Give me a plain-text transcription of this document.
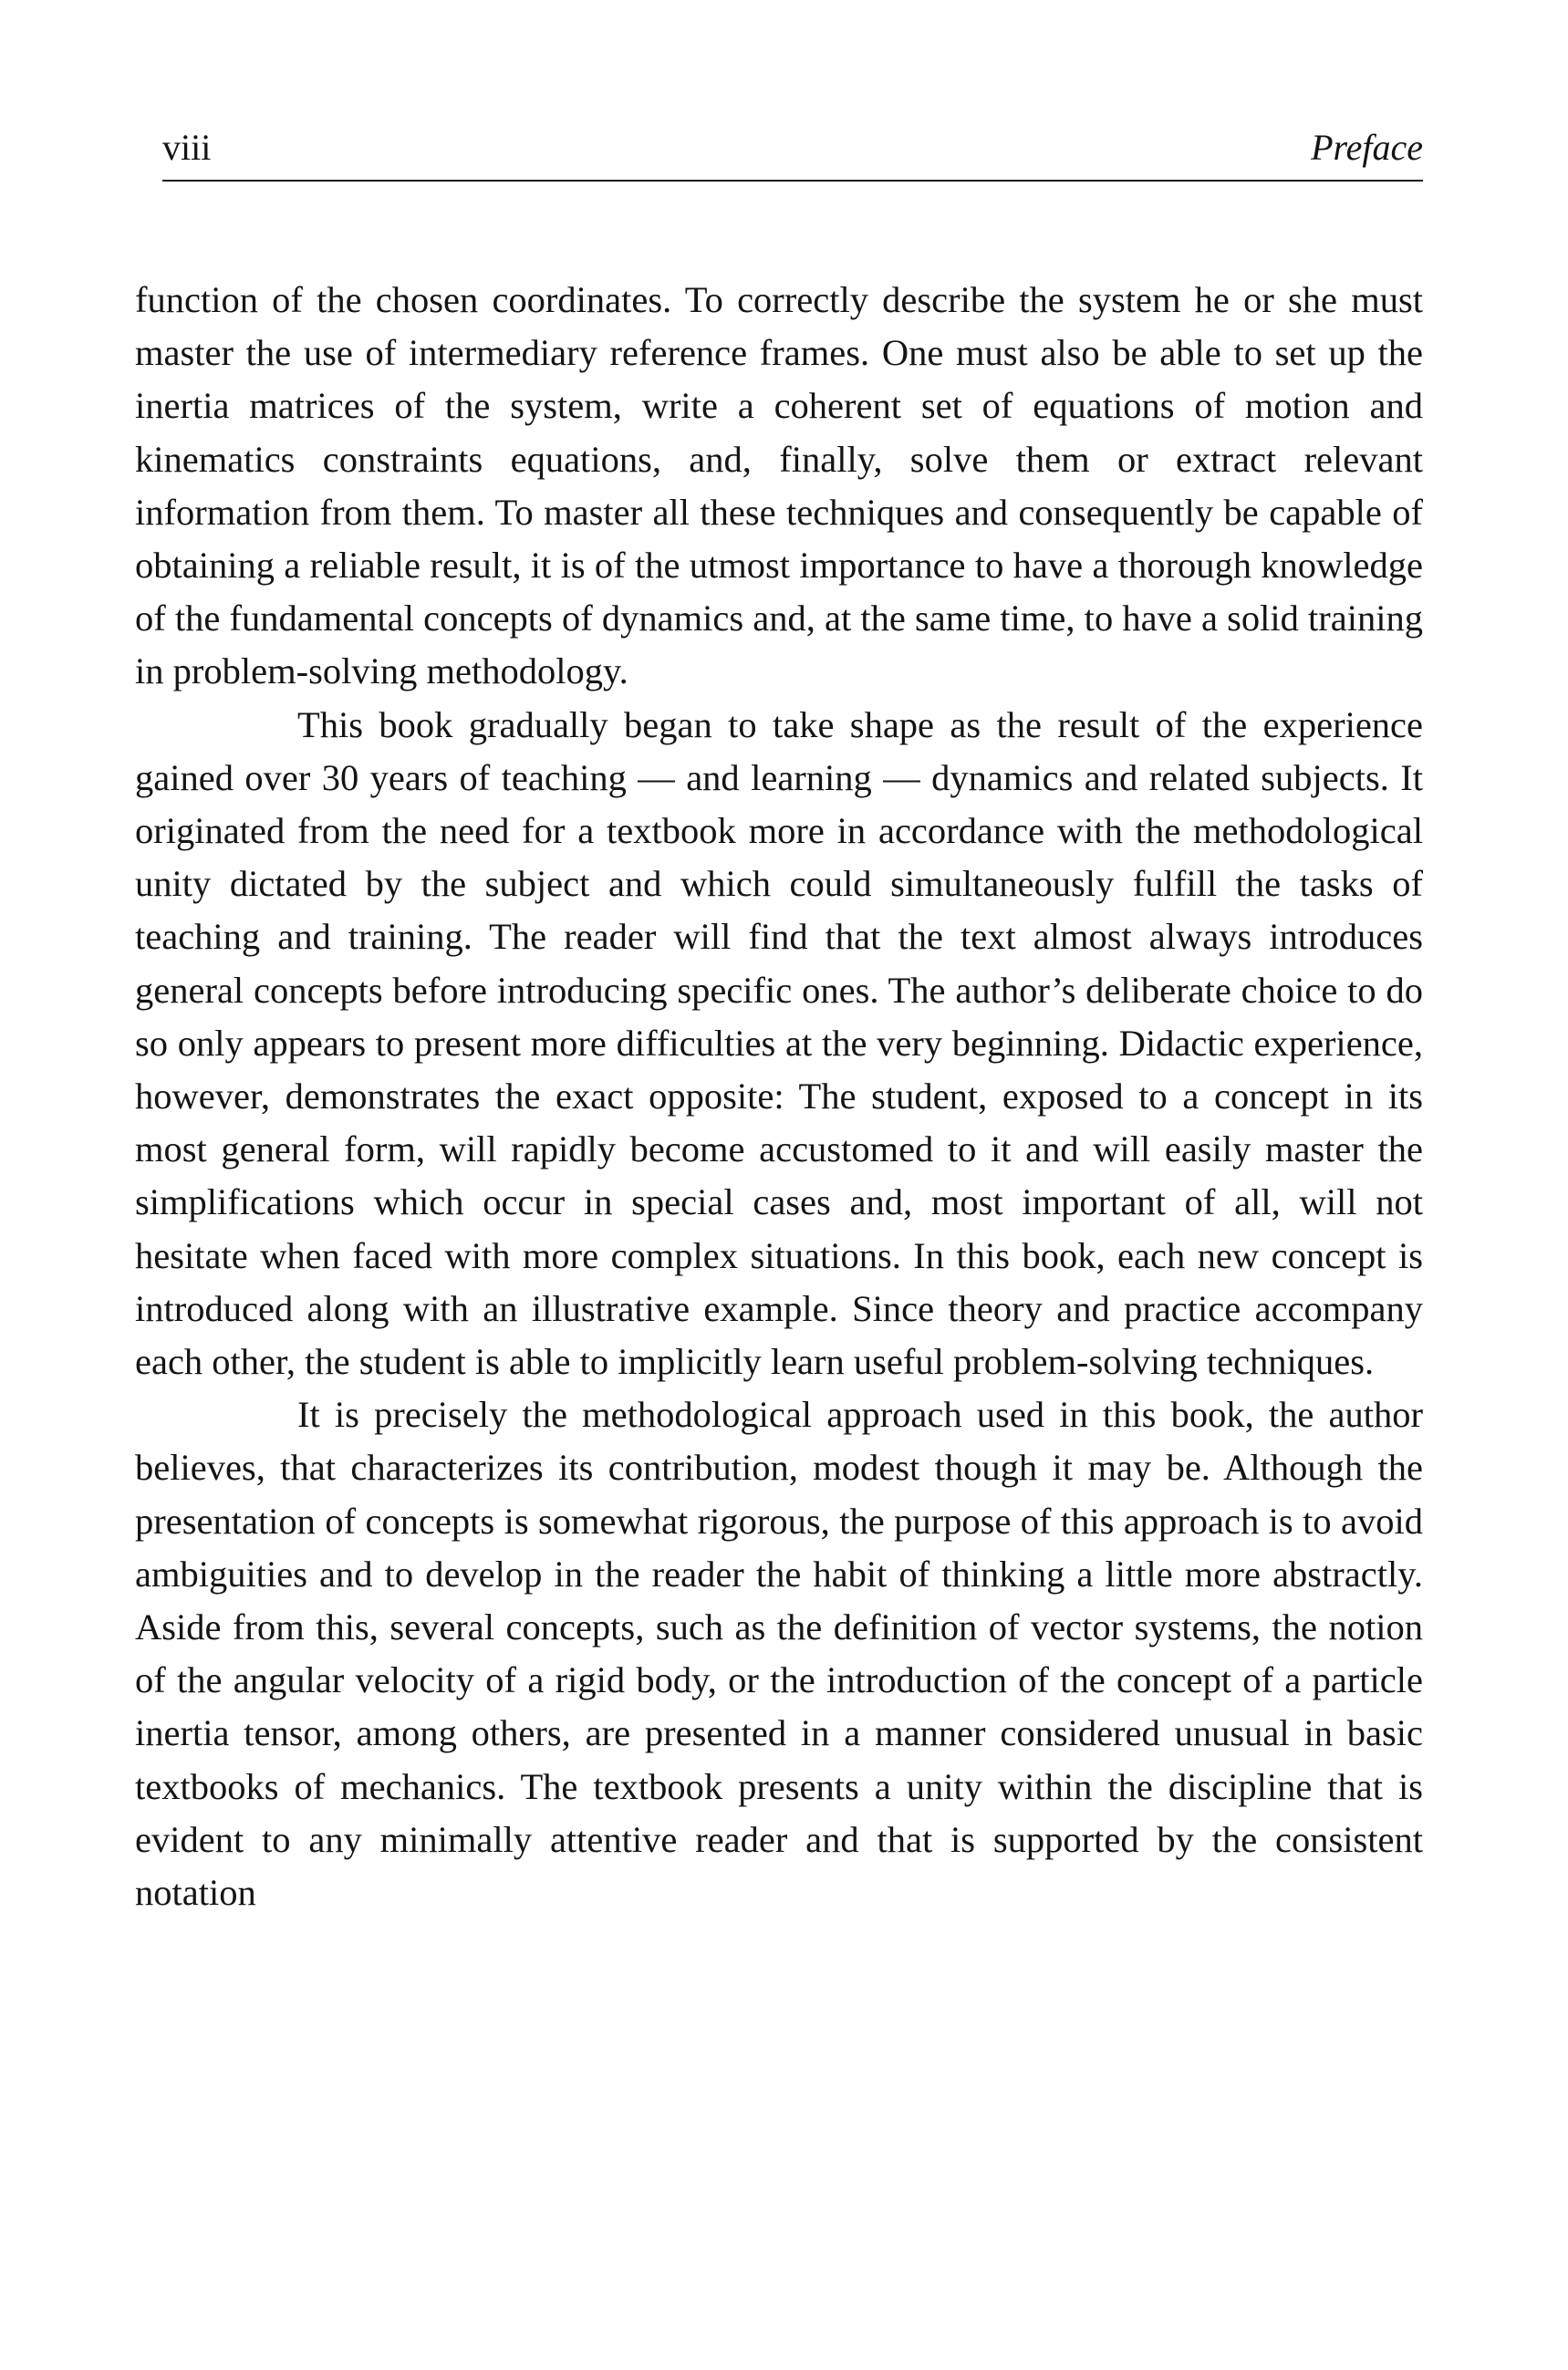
viii	Preface

function of the chosen coordinates. To correctly describe the system he or she must master the use of intermediary reference frames. One must also be able to set up the inertia matrices of the system, write a coherent set of equations of motion and kinematics constraints equations, and, finally, solve them or extract relevant information from them. To master all these techniques and consequently be capable of obtaining a reliable result, it is of the utmost importance to have a thorough knowledge of the fundamental concepts of dynamics and, at the same time, to have a solid training in problem-solving methodology.

This book gradually began to take shape as the result of the experience gained over 30 years of teaching — and learning — dynamics and related subjects. It originated from the need for a textbook more in accordance with the methodological unity dictated by the subject and which could simultaneously fulfill the tasks of teaching and training. The reader will find that the text almost always introduces general concepts before introducing specific ones. The author’s deliberate choice to do so only appears to present more difficulties at the very beginning. Didactic experience, however, demonstrates the exact opposite: The student, exposed to a concept in its most general form, will rapidly become accustomed to it and will easily master the simplifications which occur in special cases and, most important of all, will not hesitate when faced with more complex situations. In this book, each new concept is introduced along with an illustrative example. Since theory and practice accompany each other, the student is able to implicitly learn useful problem-solving techniques.

It is precisely the methodological approach used in this book, the author believes, that characterizes its contribution, modest though it may be. Although the presentation of concepts is somewhat rigorous, the purpose of this approach is to avoid ambiguities and to develop in the reader the habit of thinking a little more abstractly. Aside from this, several concepts, such as the definition of vector systems, the notion of the angular velocity of a rigid body, or the introduction of the concept of a particle inertia tensor, among others, are presented in a manner considered unusual in basic textbooks of mechanics. The textbook presents a unity within the discipline that is evident to any minimally attentive reader and that is supported by the consistent notation
